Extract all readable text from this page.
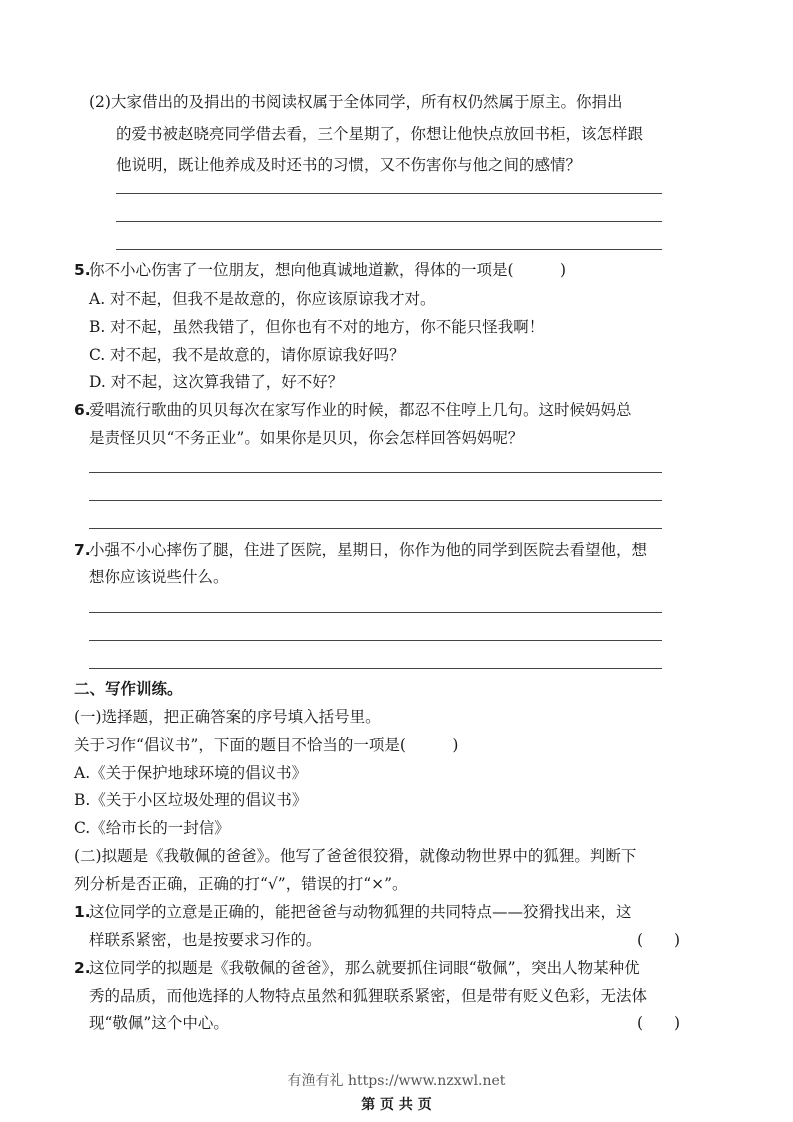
(2)大家借出的及捐出的书阅读权属于全体同学，所有权仍然属于原主。你捐出
的爱书被赵晓亮同学借去看，三个星期了，你想让他快点放回书柜，该怎样跟
他说明，既让他养成及时还书的习惯，又不伤害你与他之间的感情？
5.
你不小心伤害了一位朋友，想向他真诚地道歉，得体的一项是(　　　)
A. 对不起，但我不是故意的，你应该原谅我才对。
B. 对不起，虽然我错了，但你也有不对的地方，你不能只怪我啊！
C. 对不起，我不是故意的，请你原谅我好吗？
D. 对不起，这次算我错了，好不好？
6.
爱唱流行歌曲的贝贝每次在家写作业的时候，都忍不住哼上几句。这时候妈妈总
是责怪贝贝“不务正业”。如果你是贝贝，你会怎样回答妈妈呢？
7.
小强不小心摔伤了腿，住进了医院，星期日，你作为他的同学到医院去看望他，想
想你应该说些什么。
二、写作训练。
(一)选择题，把正确答案的序号填入括号里。
关于习作“倡议书”，下面的题目不恰当的一项是(　　　)
A.《关于保护地球环境的倡议书》
B.《关于小区垃圾处理的倡议书》
C.《给市长的一封信》
(二)拟题是《我敬佩的爸爸》。他写了爸爸很狡猾，就像动物世界中的狐狸。判断下
列分析是否正确，正确的打“√”，错误的打“×”。
1.
这位同学的立意是正确的，能把爸爸与动物狐狸的共同特点——狡猾找出来，这
样联系紧密，也是按要求习作的。	(　　)
2.
这位同学的拟题是《我敬佩的爸爸》，那么就要抓住词眼“敬佩”，突出人物某种优
秀的品质，而他选择的人物特点虽然和狐狸联系紧密，但是带有贬义色彩，无法体
现“敬佩”这个中心。	(　　)
有渔有礼 https://www.nzxwl.net
第 页 共 页
